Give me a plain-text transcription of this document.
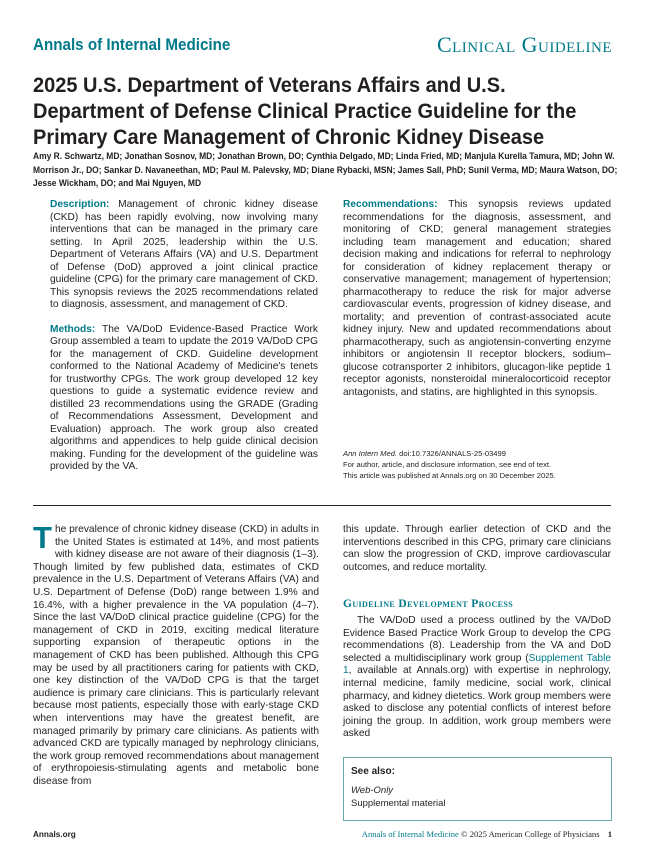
Annals of Internal Medicine	Clinical Guideline
2025 U.S. Department of Veterans Affairs and U.S. Department of Defense Clinical Practice Guideline for the Primary Care Management of Chronic Kidney Disease

Amy R. Schwartz, MD; Jonathan Sosnov, MD; Jonathan Brown, DO; Cynthia Delgado, MD; Linda Fried, MD; Manjula Kurella Tamura, MD; John W. Morrison Jr., DO; Sankar D. Navaneethan, MD; Paul M. Palevsky, MD; Diane Rybacki, MSN; James Sall, PhD; Sunil Verma, MD; Maura Watson, DO; Jesse Wickham, DO; and Mai Nguyen, MD

Description: Management of chronic kidney disease (CKD) has been rapidly evolving, now involving many interventions that can be managed in the primary care setting. In April 2025, leadership within the U.S. Department of Veterans Affairs (VA) and U.S. Department of Defense (DoD) approved a joint clinical practice guideline (CPG) for the primary care management of CKD. This synopsis reviews the 2025 recommendations related to diagnosis, assessment, and management of CKD.

Methods: The VA/DoD Evidence-Based Practice Work Group assembled a team to update the 2019 VA/DoD CPG for the management of CKD. Guideline development conformed to the National Academy of Medicine's tenets for trustworthy CPGs. The work group developed 12 key questions to guide a systematic evidence review and distilled 23 recommendations using the GRADE (Grading of Recommendations Assessment, Development and Evaluation) approach. The work group also created algorithms and appendices to help guide clinical decision making. Funding for the development of the guideline was provided by the VA.

Recommendations: This synopsis reviews updated recommendations for the diagnosis, assessment, and monitoring of CKD; general management strategies including team management and education; shared decision making and indications for referral to nephrology for consideration of kidney replacement therapy or conservative management; management of hypertension; pharmacotherapy to reduce the risk for major adverse cardiovascular events, progression of kidney disease, and mortality; and prevention of contrast-associated acute kidney injury. New and updated recommendations about pharmacotherapy, such as angiotensin-converting enzyme inhibitors or angiotensin II receptor blockers, sodium–glucose cotransporter 2 inhibitors, glucagon-like peptide 1 receptor agonists, nonsteroidal mineralocorticoid receptor antagonists, and statins, are highlighted in this synopsis.

Ann Intern Med. doi:10.7326/ANNALS-25-03499
For author, article, and disclosure information, see end of text.
This article was published at Annals.org on 30 December 2025.

The prevalence of chronic kidney disease (CKD) in adults in the United States is estimated at 14%, and most patients with kidney disease are not aware of their diagnosis (1–3). Though limited by few published data, estimates of CKD prevalence in the U.S. Department of Veterans Affairs (VA) and U.S. Department of Defense (DoD) range between 1.9% and 16.4%, with a higher prevalence in the VA population (4–7). Since the last VA/DoD clinical practice guideline (CPG) for the management of CKD in 2019, exciting medical literature supporting expansion of therapeutic options in the management of CKD has been published. Although this CPG may be used by all practitioners caring for patients with CKD, one key distinction of the VA/DoD CPG is that the target audience is primary care clinicians. This is particularly relevant because most patients, especially those with early-stage CKD when interventions may have the greatest benefit, are managed primarily by primary care clinicians. As patients with advanced CKD are typically managed by nephrology clinicians, the work group removed recommendations about management of erythropoiesis-stimulating agents and metabolic bone disease from

this update. Through earlier detection of CKD and the interventions described in this CPG, primary care clinicians can slow the progression of CKD, improve cardiovascular outcomes, and reduce mortality.

Guideline Development Process

The VA/DoD used a process outlined by the VA/DoD Evidence Based Practice Work Group to develop the CPG recommendations (8). Leadership from the VA and DoD selected a multidisciplinary work group (Supplement Table 1, available at Annals.org) with expertise in nephrology, internal medicine, family medicine, social work, clinical pharmacy, and kidney dietetics. Work group members were asked to disclose any potential conflicts of interest before joining the group. In addition, work group members were asked

See also:
Web-Only
Supplemental material
Annals.org	Annals of Internal Medicine © 2025 American College of Physicians 1
